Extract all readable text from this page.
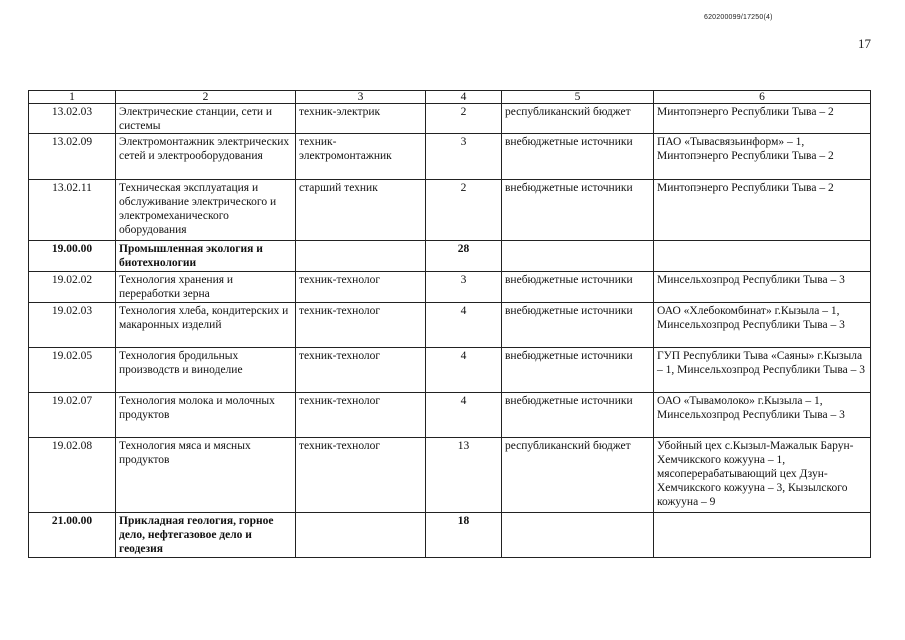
620200099/17250(4)
17
1	2	3	4	5	6
13.02.03	Электрические станции, сети и системы	техник-электрик	2	республиканский бюджет	Минтопэнерго Республики Тыва – 2
13.02.09	Электромонтажник электрических сетей и электрооборудования	техник-электромонтажник	3	внебюджетные источники	ПАО «Тывасвязьинформ» – 1, Минтопэнерго Республики Тыва – 2
13.02.11	Техническая эксплуатация и обслуживание электрического и электромеханического оборудования	старший техник	2	внебюджетные источники	Минтопэнерго Республики Тыва – 2
19.00.00	Промышленная экология и биотехнологии		28		
19.02.02	Технология хранения и переработки зерна	техник-технолог	3	внебюджетные источники	Минсельхозпрод Республики Тыва – 3
19.02.03	Технология хлеба, кондитерских и макаронных изделий	техник-технолог	4	внебюджетные источники	ОАО «Хлебокомбинат» г.Кызыла – 1, Минсельхозпрод Республики Тыва – 3
19.02.05	Технология бродильных производств и виноделие	техник-технолог	4	внебюджетные источники	ГУП Республики Тыва «Саяны» г.Кызыла – 1, Минсельхозпрод Республики Тыва – 3
19.02.07	Технология молока и молочных продуктов	техник-технолог	4	внебюджетные источники	ОАО «Тывамолоко» г.Кызыла – 1, Минсельхозпрод Республики Тыва – 3
19.02.08	Технология мяса и мясных продуктов	техник-технолог	13	республиканский бюджет	Убойный цех с.Кызыл-Мажалык Барун-Хемчикского кожууна – 1, мясоперерабатывающий цех Дзун-Хемчикского кожууна – 3, Кызылского кожууна – 9
21.00.00	Прикладная геология, горное дело, нефтегазовое дело и геодезия		18		
